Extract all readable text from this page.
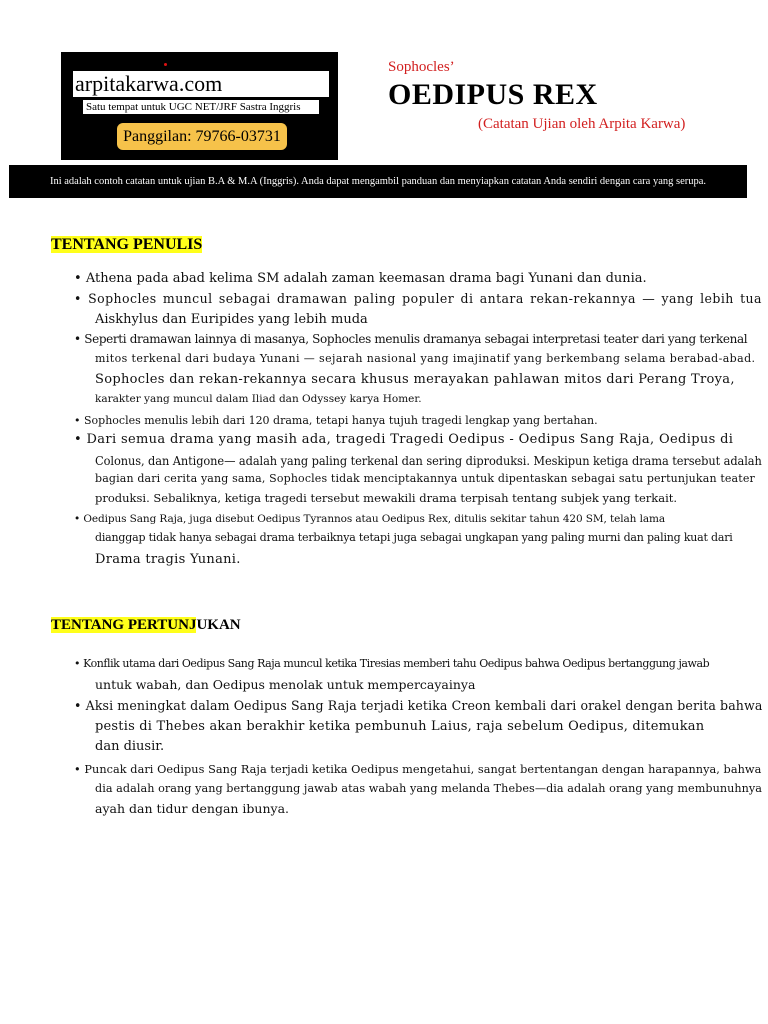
arpitakarwa.com
Satu tempat untuk UGC NET/JRF Sastra Inggris
Panggilan: 79766-03731
Sophocles’
OEDIPUS REX
(Catatan Ujian oleh Arpita Karwa)
Ini adalah contoh catatan untuk ujian B.A & M.A (Inggris). Anda dapat mengambil panduan dan menyiapkan catatan Anda sendiri dengan cara yang serupa.
TENTANG PENULIS
• Athena pada abad kelima SM adalah zaman keemasan drama bagi Yunani dan dunia.
• Sophocles muncul sebagai dramawan paling populer di antara rekan-rekannya — yang lebih tua
Aiskhylus dan Euripides yang lebih muda
• Seperti dramawan lainnya di masanya, Sophocles menulis dramanya sebagai interpretasi teater dari yang terkenal
mitos terkenal dari budaya Yunani — sejarah nasional yang imajinatif yang berkembang selama berabad-abad.
Sophocles dan rekan-rekannya secara khusus merayakan pahlawan mitos dari Perang Troya,
karakter yang muncul dalam Iliad dan Odyssey karya Homer.
• Sophocles menulis lebih dari 120 drama, tetapi hanya tujuh tragedi lengkap yang bertahan.
• Dari semua drama yang masih ada, tragedi Tragedi Oedipus - Oedipus Sang Raja, Oedipus di
Colonus, dan Antigone— adalah yang paling terkenal dan sering diproduksi. Meskipun ketiga drama tersebut adalah
bagian dari cerita yang sama, Sophocles tidak menciptakannya untuk dipentaskan sebagai satu pertunjukan teater
produksi. Sebaliknya, ketiga tragedi tersebut mewakili drama terpisah tentang subjek yang terkait.
• Oedipus Sang Raja, juga disebut Oedipus Tyrannos atau Oedipus Rex, ditulis sekitar tahun 420 SM, telah lama
dianggap tidak hanya sebagai drama terbaiknya tetapi juga sebagai ungkapan yang paling murni dan paling kuat dari
Drama tragis Yunani.
TENTANG PERTUNJUKAN
• Konflik utama dari Oedipus Sang Raja muncul ketika Tiresias memberi tahu Oedipus bahwa Oedipus bertanggung jawab
untuk wabah, dan Oedipus menolak untuk mempercayainya
• Aksi meningkat dalam Oedipus Sang Raja terjadi ketika Creon kembali dari orakel dengan berita bahwa
pestis di Thebes akan berakhir ketika pembunuh Laius, raja sebelum Oedipus, ditemukan
dan diusir.
• Puncak dari Oedipus Sang Raja terjadi ketika Oedipus mengetahui, sangat bertentangan dengan harapannya, bahwa
dia adalah orang yang bertanggung jawab atas wabah yang melanda Thebes—dia adalah orang yang membunuhnya
ayah dan tidur dengan ibunya.
